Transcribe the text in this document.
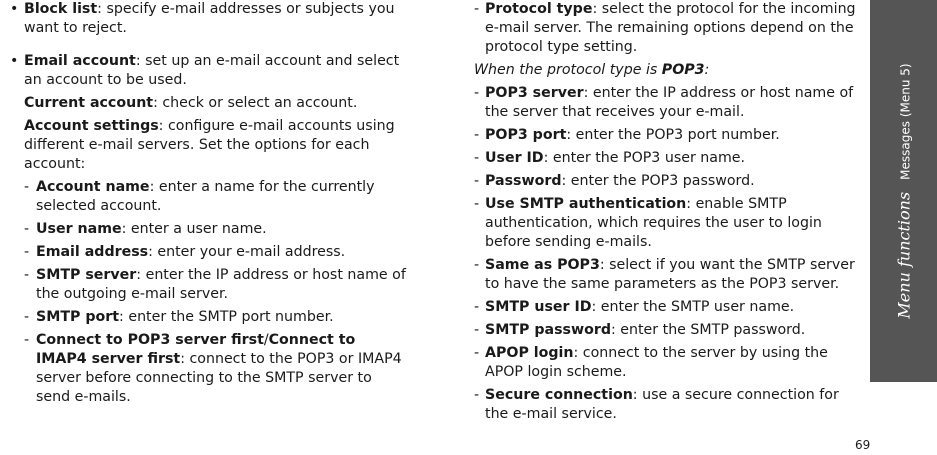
• Block list: specify e-mail addresses or subjects you want to reject.
• Email account: set up an e-mail account and select an account to be used.
Current account: check or select an account.
Account settings: configure e-mail accounts using different e-mail servers. Set the options for each account:
- Account name: enter a name for the currently selected account.
- User name: enter a user name.
- Email address: enter your e-mail address.
- SMTP server: enter the IP address or host name of the outgoing e-mail server.
- SMTP port: enter the SMTP port number.
- Connect to POP3 server first/Connect to IMAP4 server first: connect to the POP3 or IMAP4 server before connecting to the SMTP server to send e-mails.
- Protocol type: select the protocol for the incoming e-mail server. The remaining options depend on the protocol type setting.
When the protocol type is POP3:
- POP3 server: enter the IP address or host name of the server that receives your e-mail.
- POP3 port: enter the POP3 port number.
- User ID: enter the POP3 user name.
- Password: enter the POP3 password.
- Use SMTP authentication: enable SMTP authentication, which requires the user to login before sending e-mails.
- Same as POP3: select if you want the SMTP server to have the same parameters as the POP3 server.
- SMTP user ID: enter the SMTP user name.
- SMTP password: enter the SMTP password.
- APOP login: connect to the server by using the APOP login scheme.
- Secure connection: use a secure connection for the e-mail service.
Menu functionsMessages (Menu 5)
69
